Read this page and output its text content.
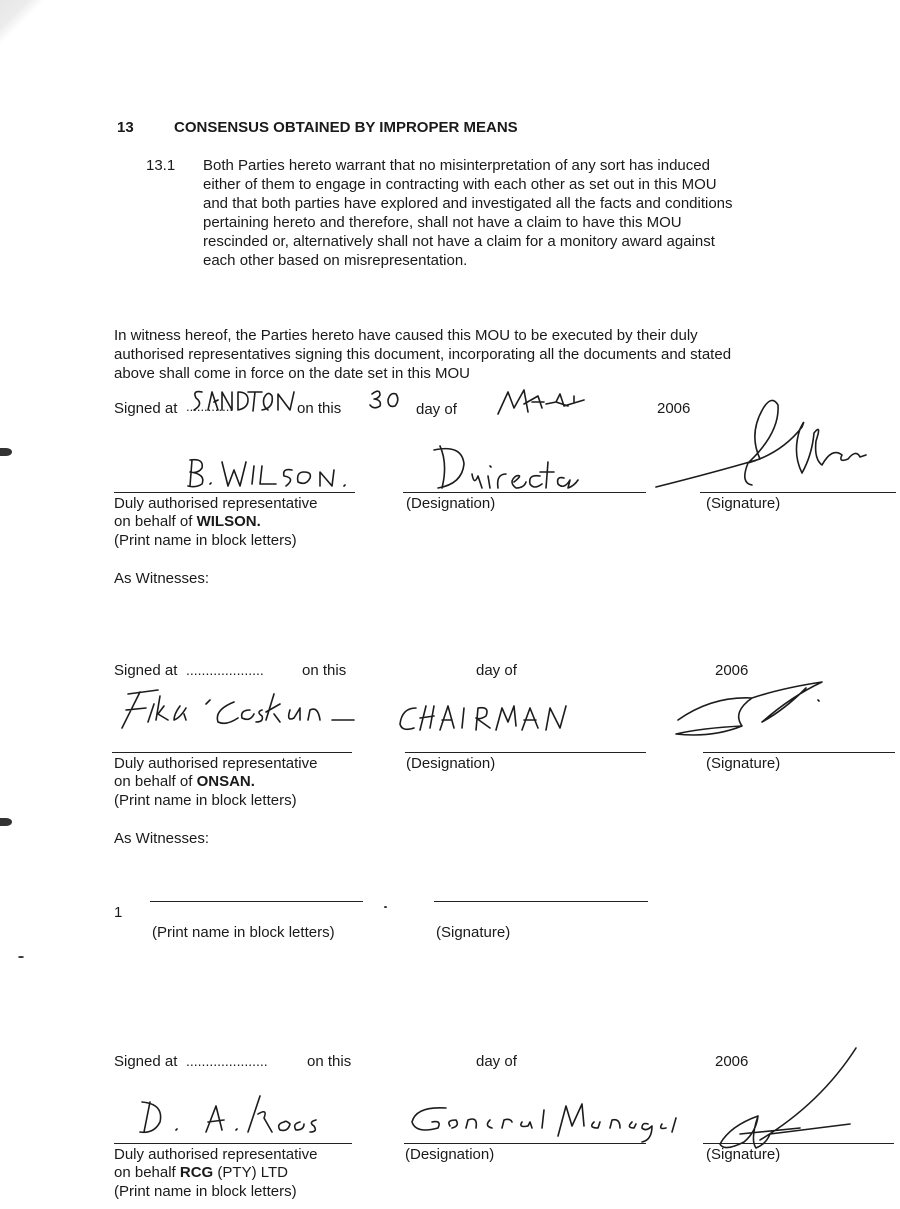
13	CONSENSUS OBTAINED BY IMPROPER MEANS
13.1 Both Parties hereto warrant that no misinterpretation of any sort has induced
either of them to engage in contracting with each other as set out in this MOU
and that both parties have explored and investigated all the facts and conditions
pertaining hereto and therefore, shall not have a claim to have this MOU
rescinded or, alternatively shall not have a claim for a monitory award against
each other based on misrepresentation.
In witness hereof, the Parties hereto have caused this MOU to be executed by their duly
authorised representatives signing this document, incorporating all the documents and stated
above shall come in force on the date set in this MOU
Signed at .............	on this	day of	2006
Duly authorised representative
on behalf of WILSON.
(Print name in block letters)
(Designation)	(Signature)
As Witnesses:
Signed at ....................	on this	day of	2006
Duly authorised representative
on behalf of ONSAN.
(Print name in block letters)
(Designation)	(Signature)
As Witnesses:
1
(Print name in block letters)	(Signature)
Signed at .....................	on this	day of	2006
Duly authorised representative
on behalf RCG (PTY) LTD
(Print name in block letters)
(Designation)	(Signature)
